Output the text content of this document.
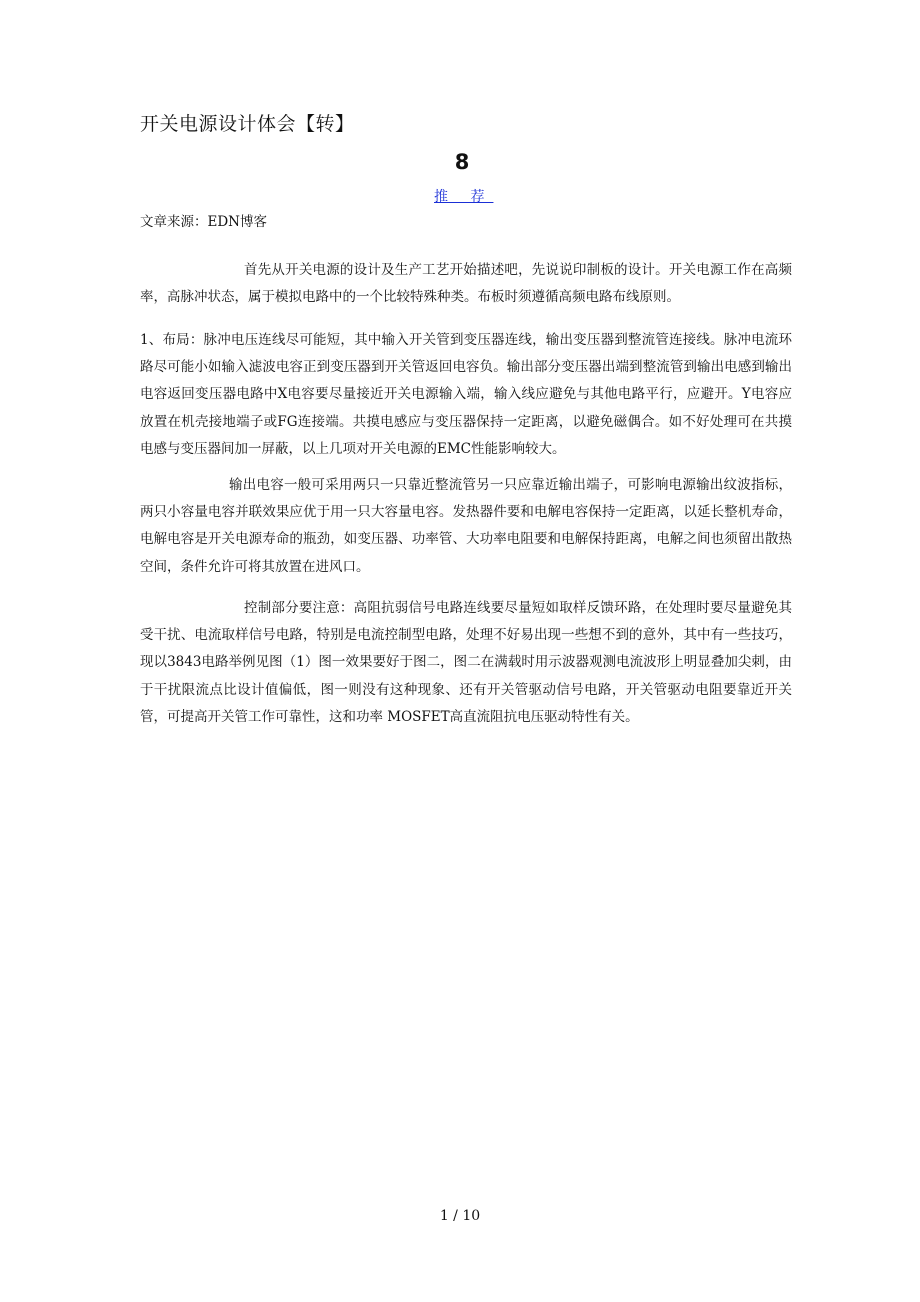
开关电源设计体会【转】
8
推 荐
文章来源：EDN博客

首先从开关电源的设计及生产工艺开始描述吧，先说说印制板的设计。开关电源工作在高频率，高脉冲状态，属于模拟电路中的一个比较特殊种类。布板时须遵循高频电路布线原则。

1、布局：脉冲电压连线尽可能短，其中输入开关管到变压器连线，输出变压器到整流管连接线。脉冲电流环路尽可能小如输入滤波电容正到变压器到开关管返回电容负。输出部分变压器出端到整流管到输出电感到输出电容返回变压器电路中X电容要尽量接近开关电源输入端，输入线应避免与其他电路平行，应避开。Y电容应放置在机壳接地端子或FG连接端。共摸电感应与变压器保持一定距离，以避免磁偶合。如不好处理可在共摸电感与变压器间加一屏蔽，以上几项对开关电源的EMC性能影响较大。

输出电容一般可采用两只一只靠近整流管另一只应靠近输出端子，可影响电源输出纹波指标，两只小容量电容并联效果应优于用一只大容量电容。发热器件要和电解电容保持一定距离，以延长整机寿命，电解电容是开关电源寿命的瓶劲，如变压器、功率管、大功率电阻要和电解保持距离，电解之间也须留出散热空间，条件允许可将其放置在进风口。

控制部分要注意：高阻抗弱信号电路连线要尽量短如取样反馈环路，在处理时要尽量避免其受干扰、电流取样信号电路，特别是电流控制型电路，处理不好易出现一些想不到的意外，其中有一些技巧，现以3843电路举例见图（1）图一效果要好于图二，图二在满载时用示波器观测电流波形上明显叠加尖刺，由于干扰限流点比设计值偏低，图一则没有这种现象、还有开关管驱动信号电路，开关管驱动电阻要靠近开关管，可提高开关管工作可靠性，这和功率 MOSFET高直流阻抗电压驱动特性有关。

1 / 10
